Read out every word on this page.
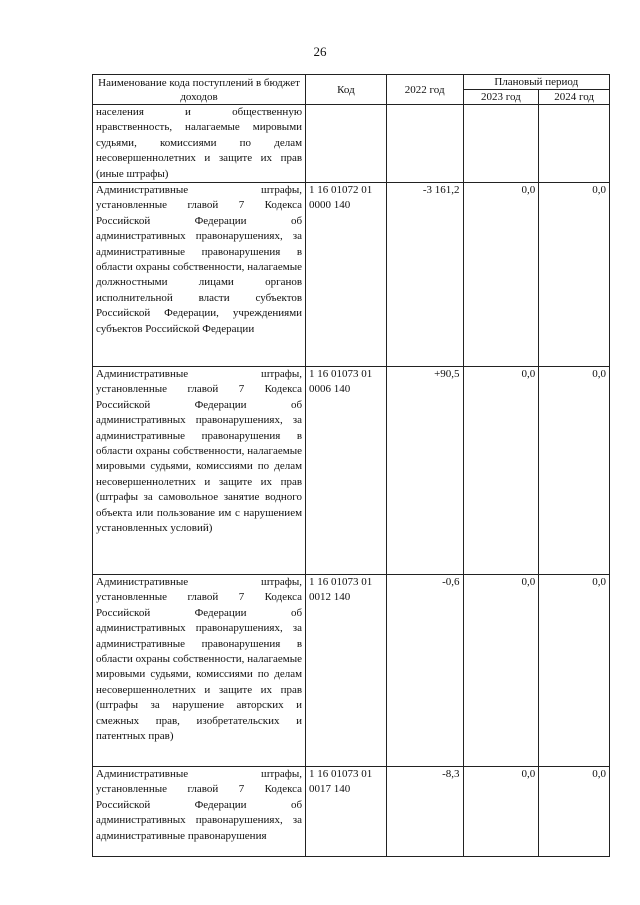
26
Наименование кода поступлений в бюджет доходов	Код	2022 год	Плановый период	
			2023 год	2024 год
населения и общественную нравственность, налагаемые мировыми судьями, комиссиями по делам несовершеннолетних и защите их прав (иные штрафы)				
Административные штрафы, установленные главой 7 Кодекса Российской Федерации об административных правонарушениях, за административные правонарушения в области охраны собственности, налагаемые должностными лицами органов исполнительной власти субъектов Российской Федерации, учреждениями субъектов Российской Федерации	1 16 01072 01 0000 140	-3 161,2	0,0	0,0
Административные штрафы, установленные главой 7 Кодекса Российской Федерации об административных правонарушениях, за административные правонарушения в области охраны собственности, налагаемые мировыми судьями, комиссиями по делам несовершеннолетних и защите их прав (штрафы за самовольное занятие водного объекта или пользование им с нарушением установленных условий)	1 16 01073 01 0006 140	+90,5	0,0	0,0
Административные штрафы, установленные главой 7 Кодекса Российской Федерации об административных правонарушениях, за административные правонарушения в области охраны собственности, налагаемые мировыми судьями, комиссиями по делам несовершеннолетних и защите их прав (штрафы за нарушение авторских и смежных прав, изобретательских и патентных прав)	1 16 01073 01 0012 140	-0,6	0,0	0,0
Административные штрафы, установленные главой 7 Кодекса Российской Федерации об административных правонарушениях, за административные правонарушения	1 16 01073 01 0017 140	-8,3	0,0	0,0
